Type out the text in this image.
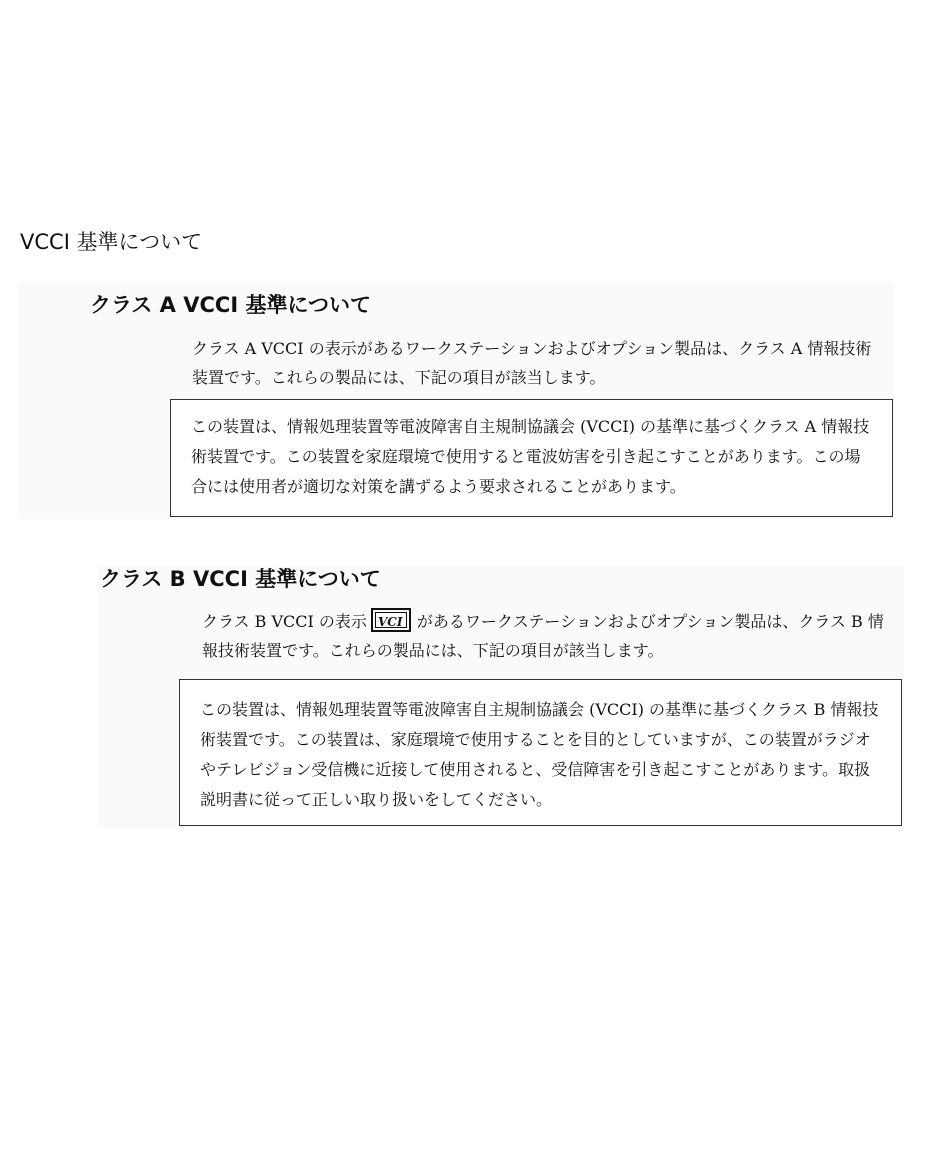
VCCI 基準について
クラス A VCCI 基準について

クラス A VCCI の表示があるワークステーションおよびオプション製品は、クラス A 情報技術装置です。これらの製品には、下記の項目が該当します。

この装置は、情報処理装置等電波障害自主規制協議会 (VCCI) の基準に基づくクラス A 情報技術装置です。この装置を家庭環境で使用すると電波妨害を引き起こすことがあります。この場合には使用者が適切な対策を講ずるよう要求されることがあります。

クラス B VCCI 基準について

クラス B VCCI の表示 VCI があるワークステーションおよびオプション製品は、クラス B 情報技術装置です。これらの製品には、下記の項目が該当します。

この装置は、情報処理装置等電波障害自主規制協議会 (VCCI) の基準に基づくクラス B 情報技術装置です。この装置は、家庭環境で使用することを目的としていますが、この装置がラジオやテレビジョン受信機に近接して使用されると、受信障害を引き起こすことがあります。取扱説明書に従って正しい取り扱いをしてください。
